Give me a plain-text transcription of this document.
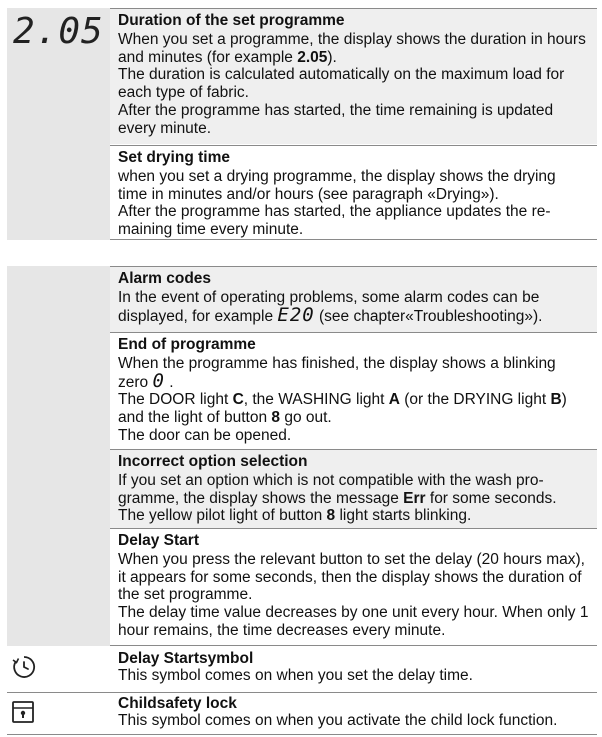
2.05 Duration of the set programme

When you set a programme, the display shows the duration in hours and minutes (for example 2.05).

The duration is calculated automatically on the maximum load for each type of fabric.

After the programme has started, the time remaining is updated every minute.

Set drying time

when you set a drying programme, the display shows the drying time in minutes and/or hours (see paragraph «Drying»).

After the programme has started, the appliance updates the re-maining time every minute.

Alarm codes

In the event of operating problems, some alarm codes can be displayed, for example E20 (see chapter«Troubleshooting»).

End of programme

When the programme has finished, the display shows a blinking zero 0 .

The DOOR light C, the WASHING light A (or the DRYING light B) and the light of button 8 go out.

The door can be opened.

Incorrect option selection

If you set an option which is not compatible with the wash pro-gramme, the display shows the message Err for some seconds.

The yellow pilot light of button 8 light starts blinking.

Delay Start

When you press the relevant button to set the delay (20 hours max), it appears for some seconds, then the display shows the duration of the set programme.

The delay time value decreases by one unit every hour. When only 1 hour remains, the time decreases every minute.

Delay Startsymbol

This symbol comes on when you set the delay time.

Childsafety lock

This symbol comes on when you activate the child lock function.
